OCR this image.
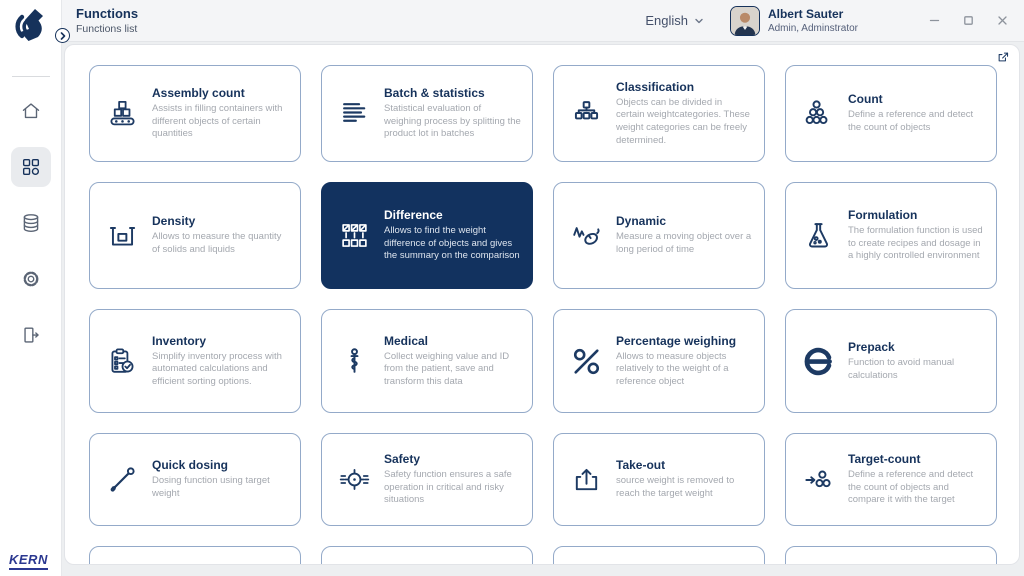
KERN
Functions
Functions list
English	Albert Sauter
Admin, Adminstrator
Assembly count
Assists in filling containers with different objects of certain quantities
Batch & statistics
Statistical evaluation of weighing process by splitting the product lot in batches
Classification
Objects can be divided in certain weightcategories. These weight categories can be freely determined.
Count
Define a reference and detect the count of objects
Density
Allows to measure the quantity of solids and liquids
Difference
Allows to find the weight difference of objects and gives the summary on the comparison
Dynamic
Measure a moving object over a long period of time
Formulation
The formulation function is used to create recipes and dosage in a highly controlled environment
Inventory
Simplify inventory process with automated calculations and efficient sorting options.
Medical
Collect weighing value and ID from the patient, save and transform this data
Percentage weighing
Allows to measure objects relatively to the weight of a reference object
Prepack
Function to avoid manual calculations
Quick dosing
Dosing function using target weight
Safety
Safety function ensures a safe operation in critical and risky situations
Take-out
source weight is removed to reach the target weight
Target-count
Define a reference and detect the count of objects and compare it with the target
